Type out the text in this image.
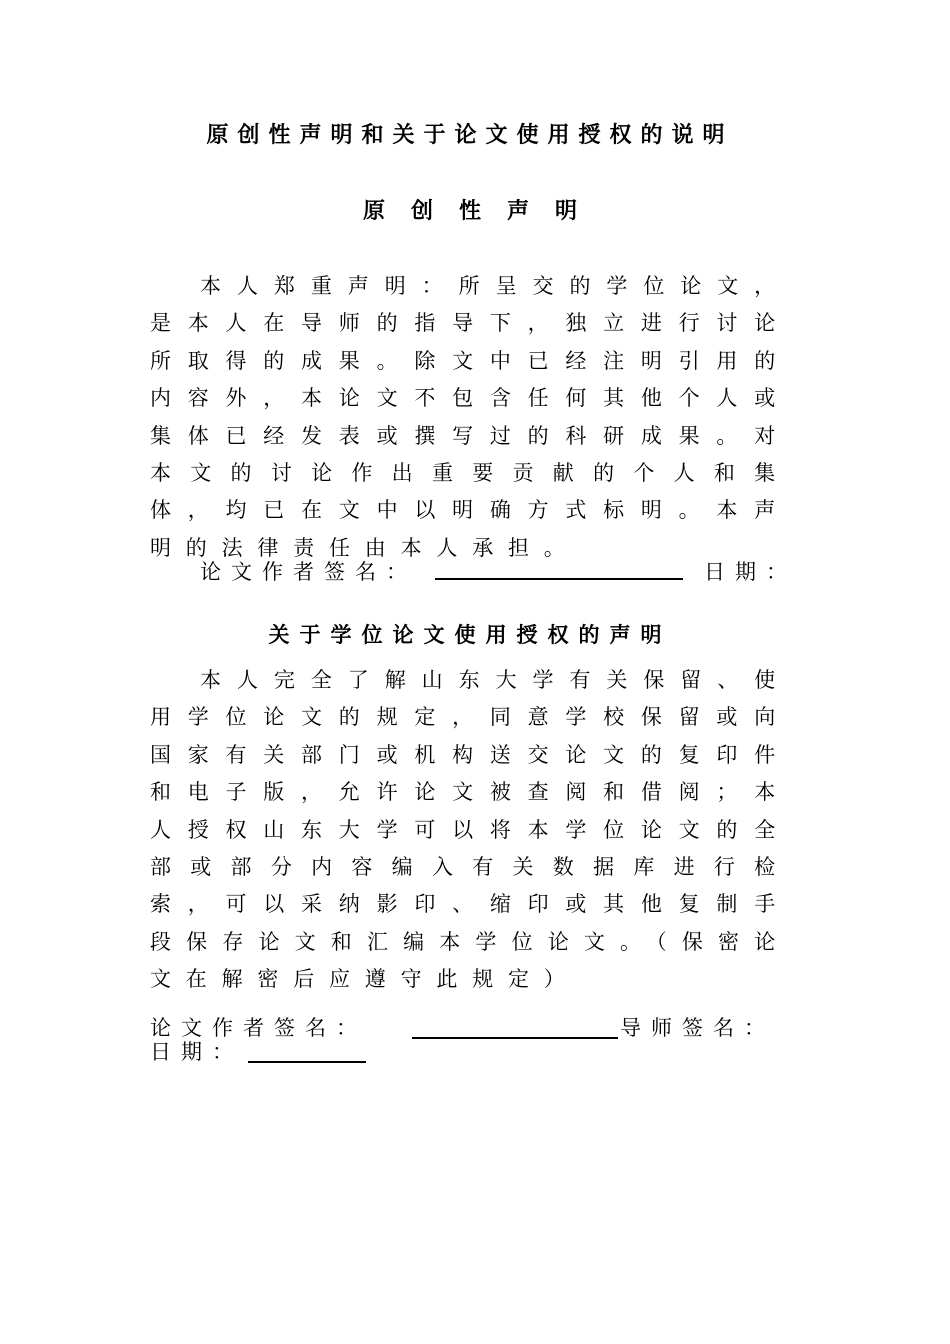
原创性声明和关于论文使用授权的说明
原创性声明
本人郑重声明：所呈交的学位论文，是本人在导师的指导下，独立进行讨论所取得的成果。除文中已经注明引用的内容外，本论文不包含任何其他个人或集体已经发表或撰写过的科研成果。对本文的讨论作出重要贡献的个人和集体，均已在文中以明确方式标明。本声明的法律责任由本人承担。
论文作者签名：	日期：
关于学位论文使用授权的声明
本人完全了解山东大学有关保留、使用学位论文的规定，同意学校保留或向国家有关部门或机构送交论文的复印件和电子版，允许论文被查阅和借阅；本人授权山东大学可以将本学位论文的全部或部分内容编入有关数据库进行检索，可以采纳影印、缩印或其他复制手段保存论文和汇编本学位论文。（保密论文在解密后应遵守此规定）
论文作者签名：	导师签名：
日期：
